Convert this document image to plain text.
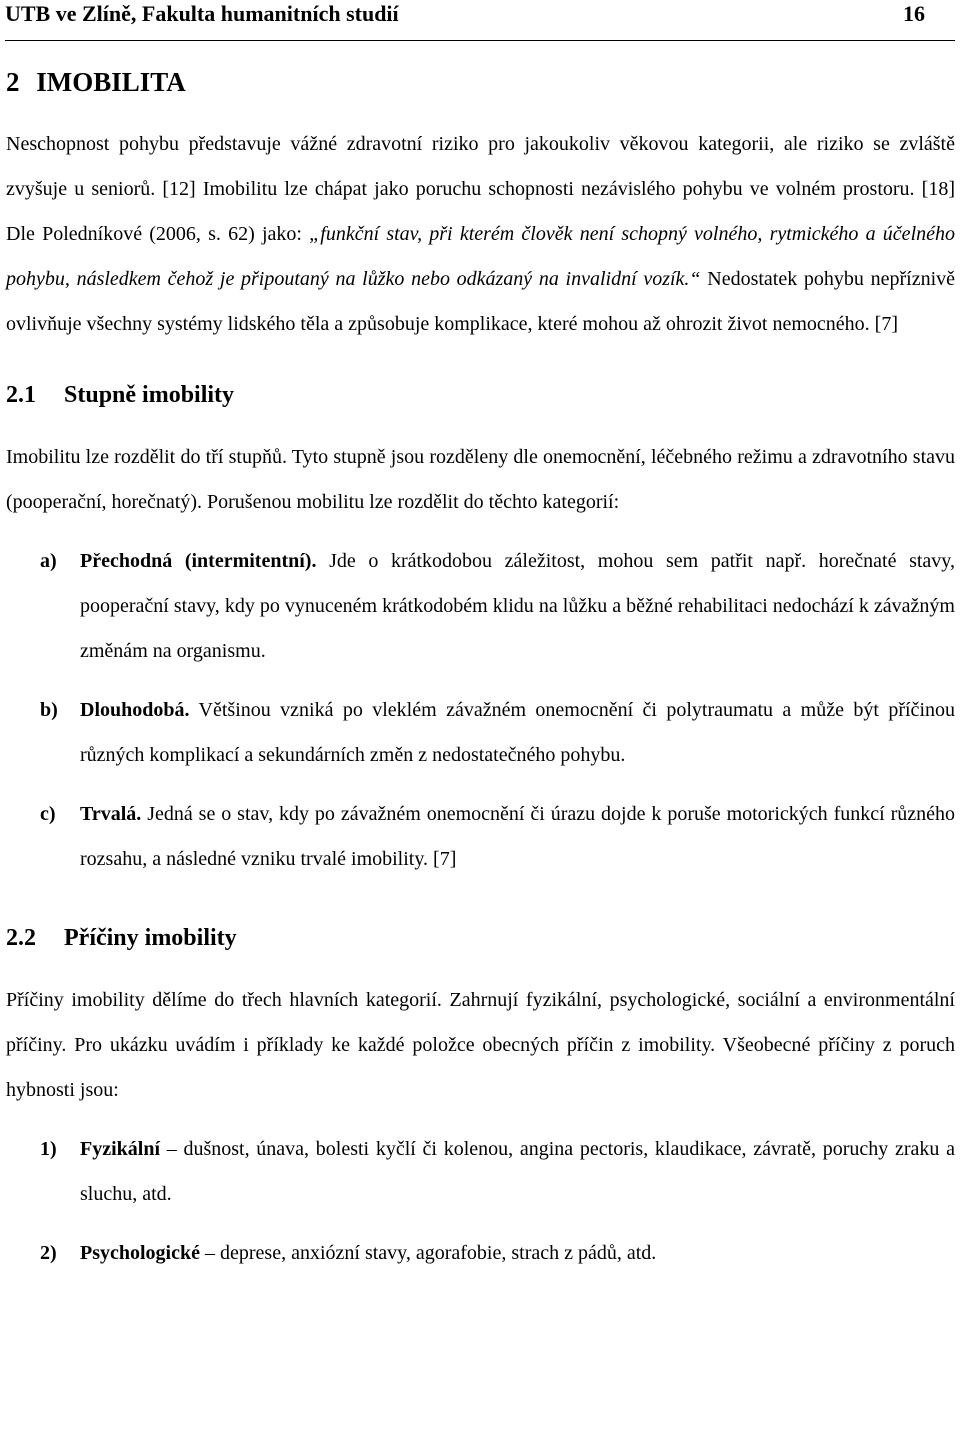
UTB ve Zlíně, Fakulta humanitních studií	16
2 IMOBILITA

Neschopnost pohybu představuje vážné zdravotní riziko pro jakoukoliv věkovou kategorii, ale riziko se zvláště zvyšuje u seniorů. [12] Imobilitu lze chápat jako poruchu schopnosti nezávislého pohybu ve volném prostoru. [18] Dle Poledníkové (2006, s. 62) jako: „funkční stav, při kterém člověk není schopný volného, rytmického a účelného pohybu, následkem čehož je připoutaný na lůžko nebo odkázaný na invalidní vozík.“ Nedostatek pohybu nepříznivě ovlivňuje všechny systémy lidského těla a způsobuje komplikace, které mohou až ohrozit život nemocného. [7]

2.1 Stupně imobility

Imobilitu lze rozdělit do tří stupňů. Tyto stupně jsou rozděleny dle onemocnění, léčebného režimu a zdravotního stavu (pooperační, horečnatý). Porušenou mobilitu lze rozdělit do těchto kategorií:

a) Přechodná (intermitentní). Jde o krátkodobou záležitost, mohou sem patřit např. horečnaté stavy, pooperační stavy, kdy po vynuceném krátkodobém klidu na lůžku a běžné rehabilitaci nedochází k závažným změnám na organismu.
b) Dlouhodobá. Většinou vzniká po vleklém závažném onemocnění či polytraumatu a může být příčinou různých komplikací a sekundárních změn z nedostatečného pohybu.
c) Trvalá. Jedná se o stav, kdy po závažném onemocnění či úrazu dojde k poruše motorických funkcí různého rozsahu, a následné vzniku trvalé imobility. [7]
2.2 Příčiny imobility

Příčiny imobility dělíme do třech hlavních kategorií. Zahrnují fyzikální, psychologické, sociální a environmentální příčiny. Pro ukázku uvádím i příklady ke každé položce obecných příčin z imobility. Všeobecné příčiny z poruch hybnosti jsou:

1) Fyzikální – dušnost, únava, bolesti kyčlí či kolenou, angina pectoris, klaudikace, závratě, poruchy zraku a sluchu, atd.
2) Psychologické – deprese, anxiózní stavy, agorafobie, strach z pádů, atd.
